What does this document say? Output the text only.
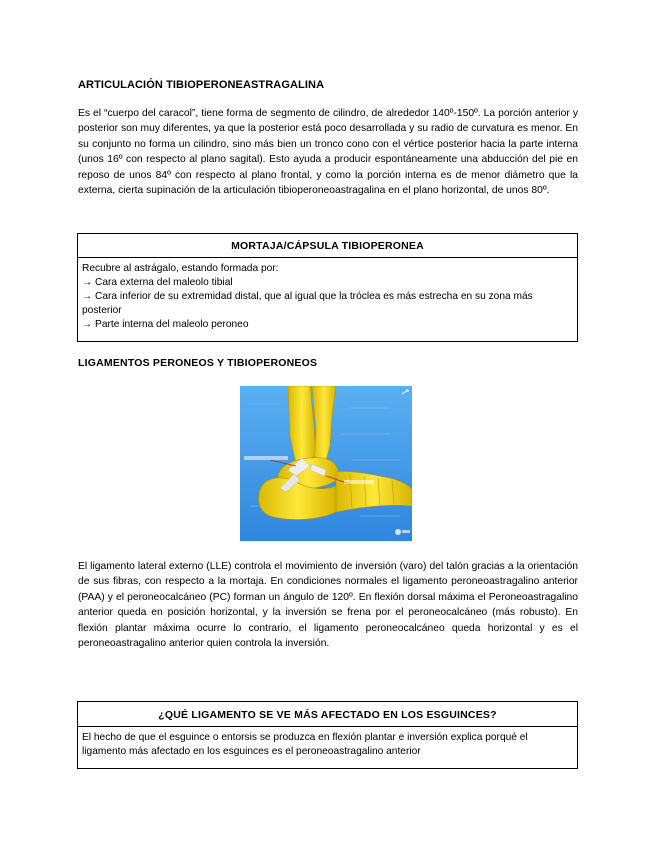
ARTICULACIÓN TIBIOPERONEASTRAGALINA

Es el “cuerpo del caracol”, tiene forma de segmento de cilindro, de alrededor 140º-150º. La porción anterior y posterior son muy diferentes, ya que la posterior está poco desarrollada y su radio de curvatura es menor. En su conjunto no forma un cilindro, sino más bien un tronco cono con el vértice posterior hacia la parte interna (unos 16º con respecto al plano sagital). Esto ayuda a producir espontáneamente una abducción del pie en reposo de unos 84º con respecto al plano frontal, y como la porción interna es de menor diámetro que la externa, cierta supinación de la articulación tibioperoneoastragalina en el plano horizontal, de unos 80º.

MORTAJA/CÁPSULA TIBIOPERONEA
Recubre al astrágalo, estando formada por:
→ Cara externa del maleolo tibial
→ Cara inferior de su extremidad distal, que al igual que la tróclea es más estrecha en su zona más posterior
→ Parte interna del maleolo peroneo
LIGAMENTOS PERONEOS Y TIBIOPERONEOS

El ligamento lateral externo (LLE) controla el movimiento de inversión (varo) del talón gracias a la orientación de sus fibras, con respecto a la mortaja. En condiciones normales el ligamento peroneoastragalino anterior (PAA) y el peroneocalcáneo (PC) forman un ángulo de 120º. En flexión dorsal máxima el Peroneoastragalino anterior queda en posición horizontal, y la inversión se frena por el peroneocalcáneo (más robusto). En flexión plantar máxima ocurre lo contrario, el ligamento peroneocalcáneo queda horizontal y es el peroneoastragalino anterior quien controla la inversión.

¿QUÉ LIGAMENTO SE VE MÁS AFECTADO EN LOS ESGUINCES?
El hecho de que el esguince o entorsis se produzca en flexión plantar e inversión explica porqué el ligamento más afectado en los esguinces es el peroneoastragalino anterior
